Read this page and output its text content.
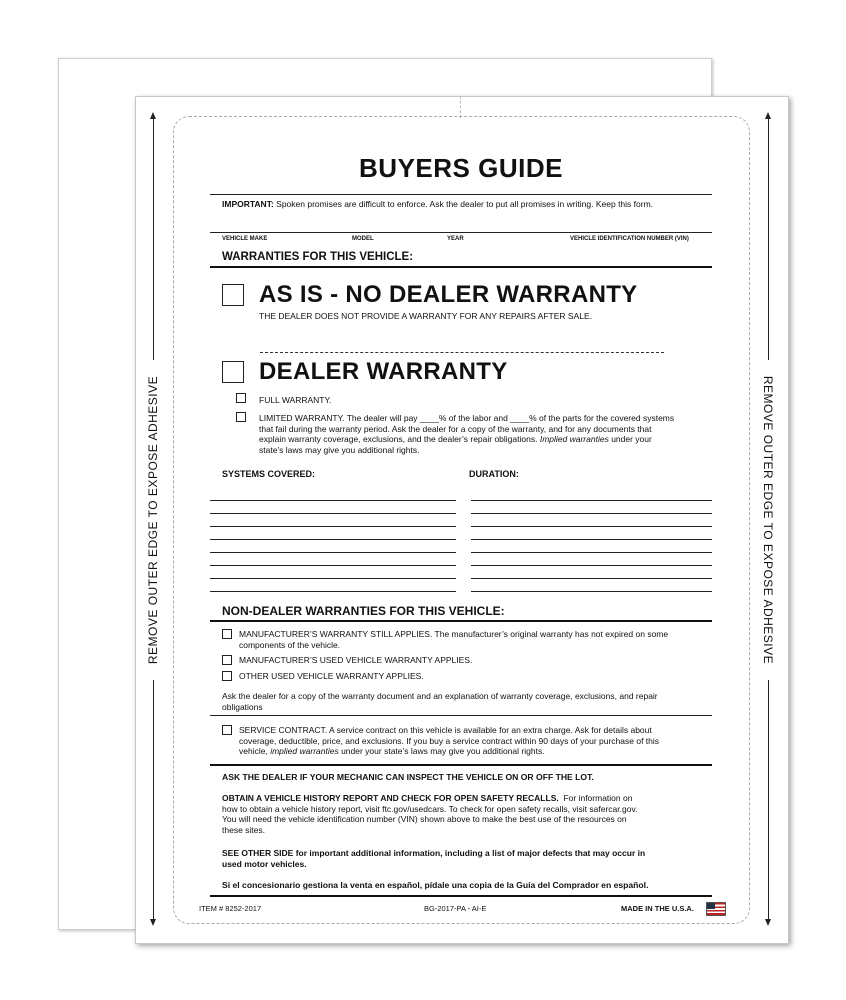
REMOVE OUTER EDGE TO EXPOSE ADHESIVE	REMOVE OUTER EDGE TO EXPOSE ADHESIVE
BUYERS GUIDE
IMPORTANT: Spoken promises are difficult to enforce. Ask the dealer to put all promises in writing. Keep this form.
VEHICLE MAKE	MODEL	YEAR	VEHICLE IDENTIFICATION NUMBER (VIN)
WARRANTIES FOR THIS VEHICLE:
AS IS - NO DEALER WARRANTY
THE DEALER DOES NOT PROVIDE A WARRANTY FOR ANY REPAIRS AFTER SALE.
DEALER WARRANTY
FULL WARRANTY.
LIMITED WARRANTY. The dealer will pay ____% of the labor and ____% of the parts for the covered systems
that fail during the warranty period. Ask the dealer for a copy of the warranty, and for any documents that
explain warranty coverage, exclusions, and the dealer’s repair obligations. Implied warranties under your
state’s laws may give you additional rights.
SYSTEMS COVERED:	DURATION:
NON-DEALER WARRANTIES FOR THIS VEHICLE:
MANUFACTURER’S WARRANTY STILL APPLIES. The manufacturer’s original warranty has not expired on some
components of the vehicle.
MANUFACTURER’S USED VEHICLE WARRANTY APPLIES.
OTHER USED VEHICLE WARRANTY APPLIES.
Ask the dealer for a copy of the warranty document and an explanation of warranty coverage, exclusions, and repair
obligations
SERVICE CONTRACT. A service contract on this vehicle is available for an extra charge. Ask for details about
coverage, deductible, price, and exclusions. If you buy a service contract within 90 days of your purchase of this
vehicle, implied warranties under your state’s laws may give you additional rights.
ASK THE DEALER IF YOUR MECHANIC CAN INSPECT THE VEHICLE ON OR OFF THE LOT.
OBTAIN A VEHICLE HISTORY REPORT AND CHECK FOR OPEN SAFETY RECALLS. For information on
how to obtain a vehicle history report, visit ftc.gov/usedcars. To check for open safety recalls, visit safercar.gov.
You will need the vehicle identification number (VIN) shown above to make the best use of the resources on
these sites.
SEE OTHER SIDE for important additional information, including a list of major defects that may occur in
used motor vehicles.
Si el concesionario gestiona la venta en español, pídale una copia de la Guía del Comprador en español.
ITEM # 8252-2017	BG-2017-PA - AI-E	MADE IN THE U.S.A.
